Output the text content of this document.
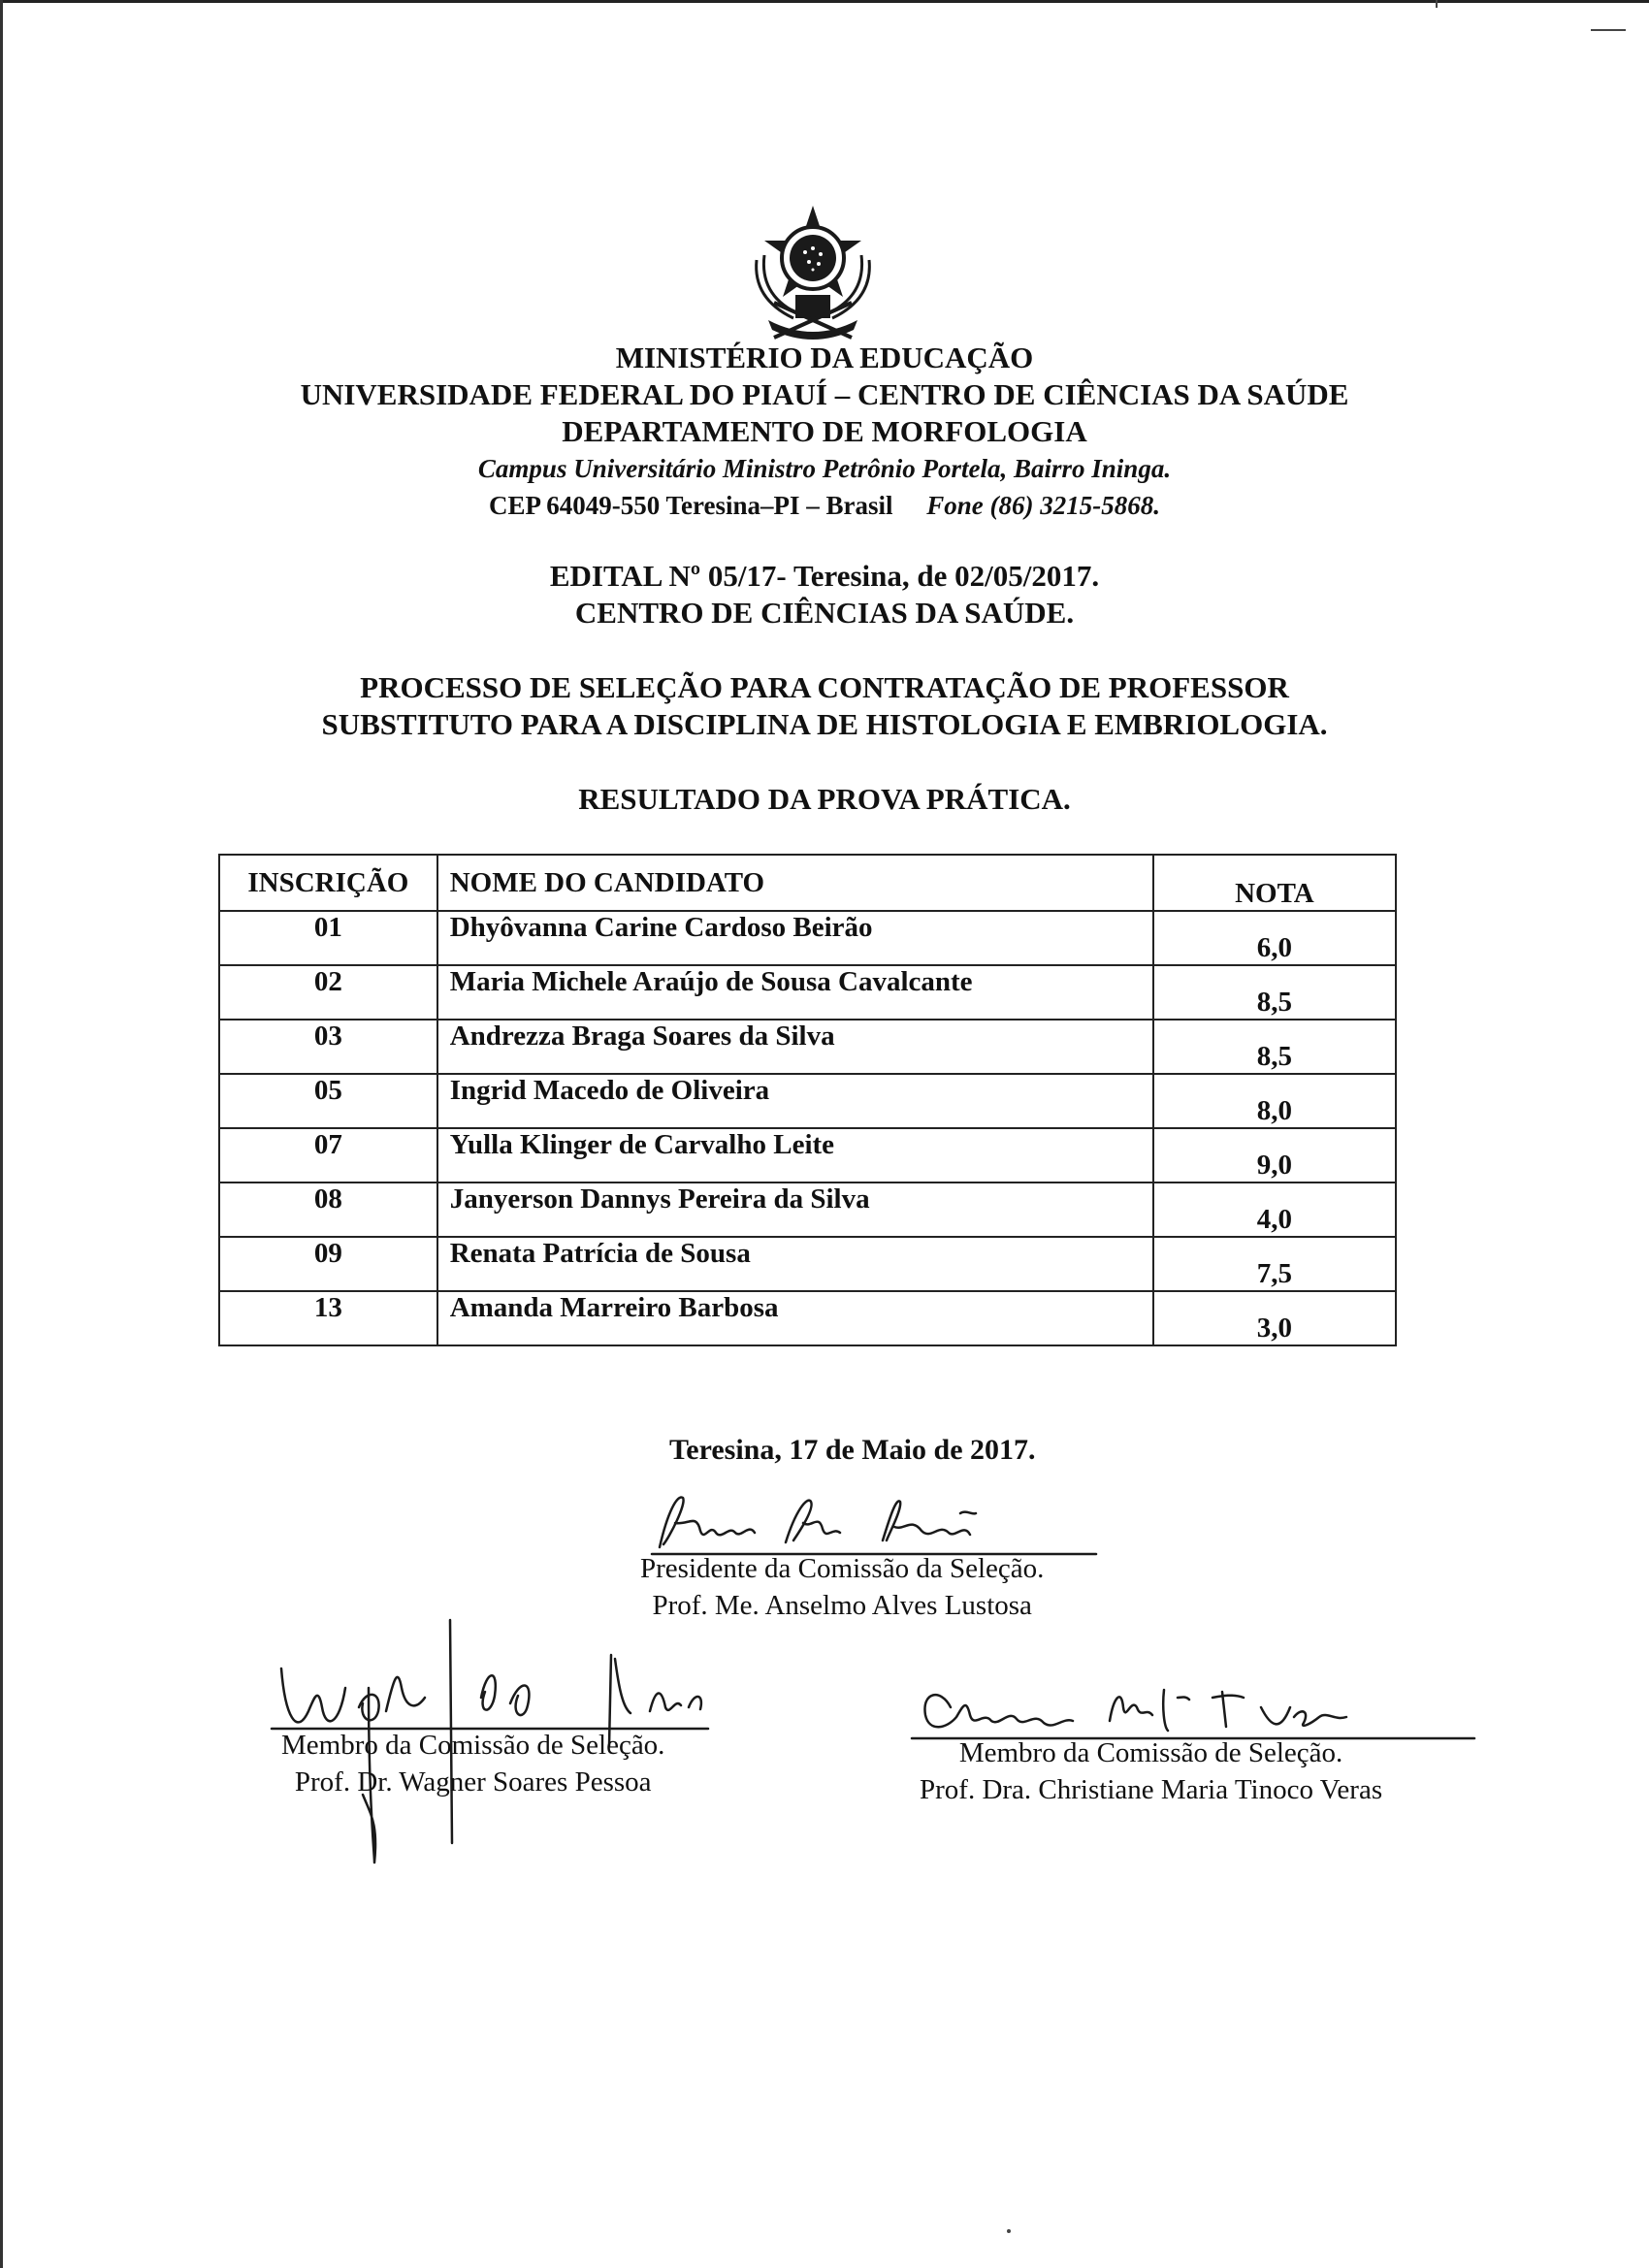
MINISTÉRIO DA EDUCAÇÃO
UNIVERSIDADE FEDERAL DO PIAUÍ – CENTRO DE CIÊNCIAS DA SAÚDE
DEPARTAMENTO DE MORFOLOGIA
Campus Universitário Ministro Petrônio Portela, Bairro Ininga.
CEP 64049-550 Teresina–PI – Brasil Fone (86) 3215-5868.
EDITAL Nº 05/17- Teresina, de 02/05/2017.
CENTRO DE CIÊNCIAS DA SAÚDE.
PROCESSO DE SELEÇÃO PARA CONTRATAÇÃO DE PROFESSOR
SUBSTITUTO PARA A DISCIPLINA DE HISTOLOGIA E EMBRIOLOGIA.
RESULTADO DA PROVA PRÁTICA.
INSCRIÇÃO	NOME DO CANDIDATO	NOTA
01	Dhyôvanna Carine Cardoso Beirão	6,0
02	Maria Michele Araújo de Sousa Cavalcante	8,5
03	Andrezza Braga Soares da Silva	8,5
05	Ingrid Macedo de Oliveira	8,0
07	Yulla Klinger de Carvalho Leite	9,0
08	Janyerson Dannys Pereira da Silva	4,0
09	Renata Patrícia de Sousa	7,5
13	Amanda Marreiro Barbosa	3,0
Teresina, 17 de Maio de 2017.
Presidente da Comissão da Seleção.
Prof. Me. Anselmo Alves Lustosa
Membro da Comissão de Seleção.
Prof. Dr. Wagner Soares Pessoa
Membro da Comissão de Seleção.
Prof. Dra. Christiane Maria Tinoco Veras
